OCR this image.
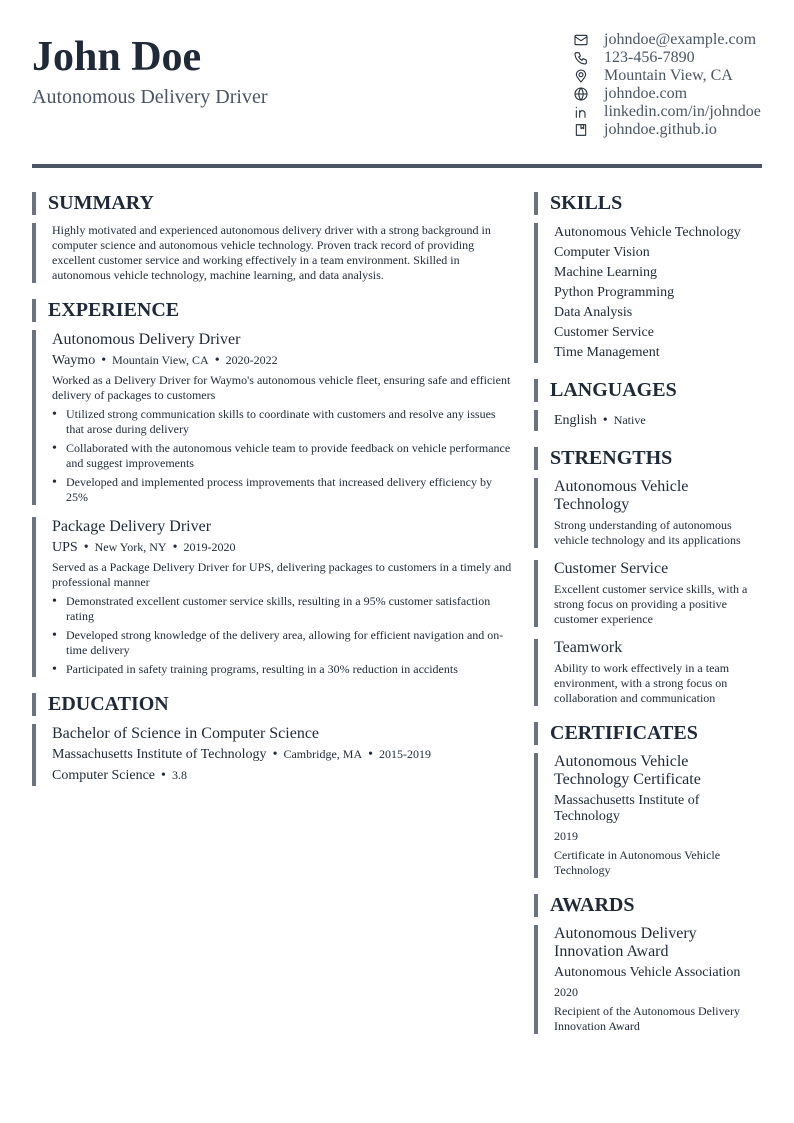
John Doe
Autonomous Delivery Driver
johndoe@example.com
123-456-7890
Mountain View, CA
johndoe.com
linkedin.com/in/johndoe
johndoe.github.io
SUMMARY
Highly motivated and experienced autonomous delivery driver with a strong background in computer science and autonomous vehicle technology. Proven track record of providing excellent customer service and working effectively in a team environment. Skilled in autonomous vehicle technology, machine learning, and data analysis.
EXPERIENCE
Autonomous Delivery Driver
Waymo • Mountain View, CA • 2020-2022
Worked as a Delivery Driver for Waymo's autonomous vehicle fleet, ensuring safe and efficient delivery of packages to customers
• Utilized strong communication skills to coordinate with customers and resolve any issues that arose during delivery
• Collaborated with the autonomous vehicle team to provide feedback on vehicle performance and suggest improvements
• Developed and implemented process improvements that increased delivery efficiency by 25%
Package Delivery Driver
UPS • New York, NY • 2019-2020
Served as a Package Delivery Driver for UPS, delivering packages to customers in a timely and professional manner
• Demonstrated excellent customer service skills, resulting in a 95% customer satisfaction rating
• Developed strong knowledge of the delivery area, allowing for efficient navigation and on-time delivery
• Participated in safety training programs, resulting in a 30% reduction in accidents
EDUCATION
Bachelor of Science in Computer Science
Massachusetts Institute of Technology • Cambridge, MA • 2015-2019
Computer Science • 3.8
SKILLS
Autonomous Vehicle Technology
Computer Vision
Machine Learning
Python Programming
Data Analysis
Customer Service
Time Management
LANGUAGES
English • Native
STRENGTHS
Autonomous Vehicle Technology
Strong understanding of autonomous vehicle technology and its applications
Customer Service
Excellent customer service skills, with a strong focus on providing a positive customer experience
Teamwork
Ability to work effectively in a team environment, with a strong focus on collaboration and communication
CERTIFICATES
Autonomous Vehicle Technology Certificate
Massachusetts Institute of Technology
2019
Certificate in Autonomous Vehicle Technology
AWARDS
Autonomous Delivery Innovation Award
Autonomous Vehicle Association
2020
Recipient of the Autonomous Delivery Innovation Award
